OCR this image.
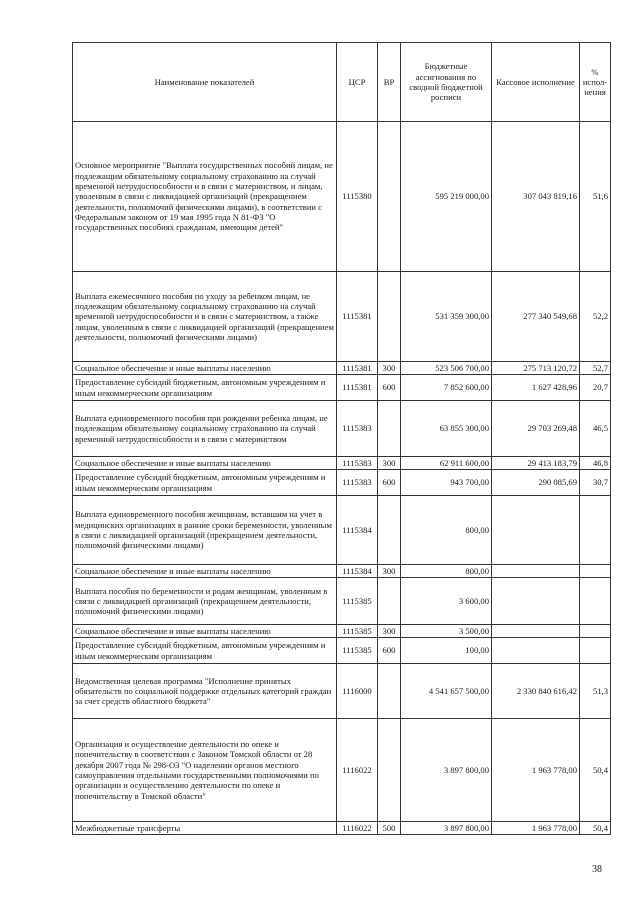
Наименование показателей	ЦСР	ВР	Бюджетные ассигнования по сводной бюджетной росписи	Кассовое исполнение	% испол-нения
Основное мероприятие "Выплата государственных пособий лицам, не подлежащим обязательному социальному страхованию на случай временной нетрудоспособности и в связи с материнством, и лицам, уволенным в связи с ликвидацией организаций (прекращением деятельности, полномочий физическими лицами), в соответствии с Федеральным законом от 19 мая 1995 года N 81-ФЗ "О государственных пособиях гражданам, имеющим детей"	1115380		595 219 000,00	307 043 819,16	51,6
Выплата ежемесячного пособия по уходу за ребенком лицам, не подлежащим обязательному социальному страхованию на случай временной нетрудоспособности и в связи с материнством, а также лицам, уволенным в связи с ликвидацией организаций (прекращением деятельности, полномочий физическими лицами)	1115381		531 359 300,00	277 340 549,68	52,2
Социальное обеспечение и иные выплаты населению	1115381	300	523 506 700,00	275 713 120,72	52,7
Предоставление субсидий бюджетным, автономным учреждениям и иным некоммерческим организациям	1115381	600	7 852 600,00	1 627 428,96	20,7
Выплата единовременного пособия при рождении ребенка лицам, не подлежащим обязательному социальному страхованию на случай временной нетрудоспособности и в связи с материнством	1115383		63 855 300,00	29 703 269,48	46,5
Социальное обеспечение и иные выплаты населению	1115383	300	62 911 600,00	29 413 183,79	46,8
Предоставление субсидий бюджетным, автономным учреждениям и иным некоммерческим организациям	1115383	600	943 700,00	290 085,69	30,7
Выплата единовременного пособия женщинам, вставшим на учет в медицинских организациях в ранние сроки беременности, уволенным в связи с ликвидацией организаций (прекращением деятельности, полномочий физическими лицами)	1115384		800,00		
Социальное обеспечение и иные выплаты населению	1115384	300	800,00		
Выплата пособия по беременности и родам женщинам, уволенным в связи с ликвидацией организаций (прекращением деятельности, полномочий физическими лицами)	1115385		3 600,00		
Социальное обеспечение и иные выплаты населению	1115385	300	3 500,00		
Предоставление субсидий бюджетным, автономным учреждениям и иным некоммерческим организациям	1115385	600	100,00		
Ведомственная целевая программа "Исполнение принятых обязательств по социальной поддержке отдельных категорий граждан за счет средств областного бюджета"	1116000		4 541 657 500,00	2 330 840 616,42	51,3
Организация и осуществление деятельности по опеке и попечительству в соответствии с Законом Томской области от 28 декабря 2007 года № 298-ОЗ "О наделении органов местного самоуправления отдельными государственными полномочиями по организации и осуществлению деятельности по опеке и попечительству в Томской области"	1116022		3 897 800,00	1 963 778,00	50,4
Межбюджетные трансферты	1116022	500	3 897 800,00	1 963 778,00	50,4
38
